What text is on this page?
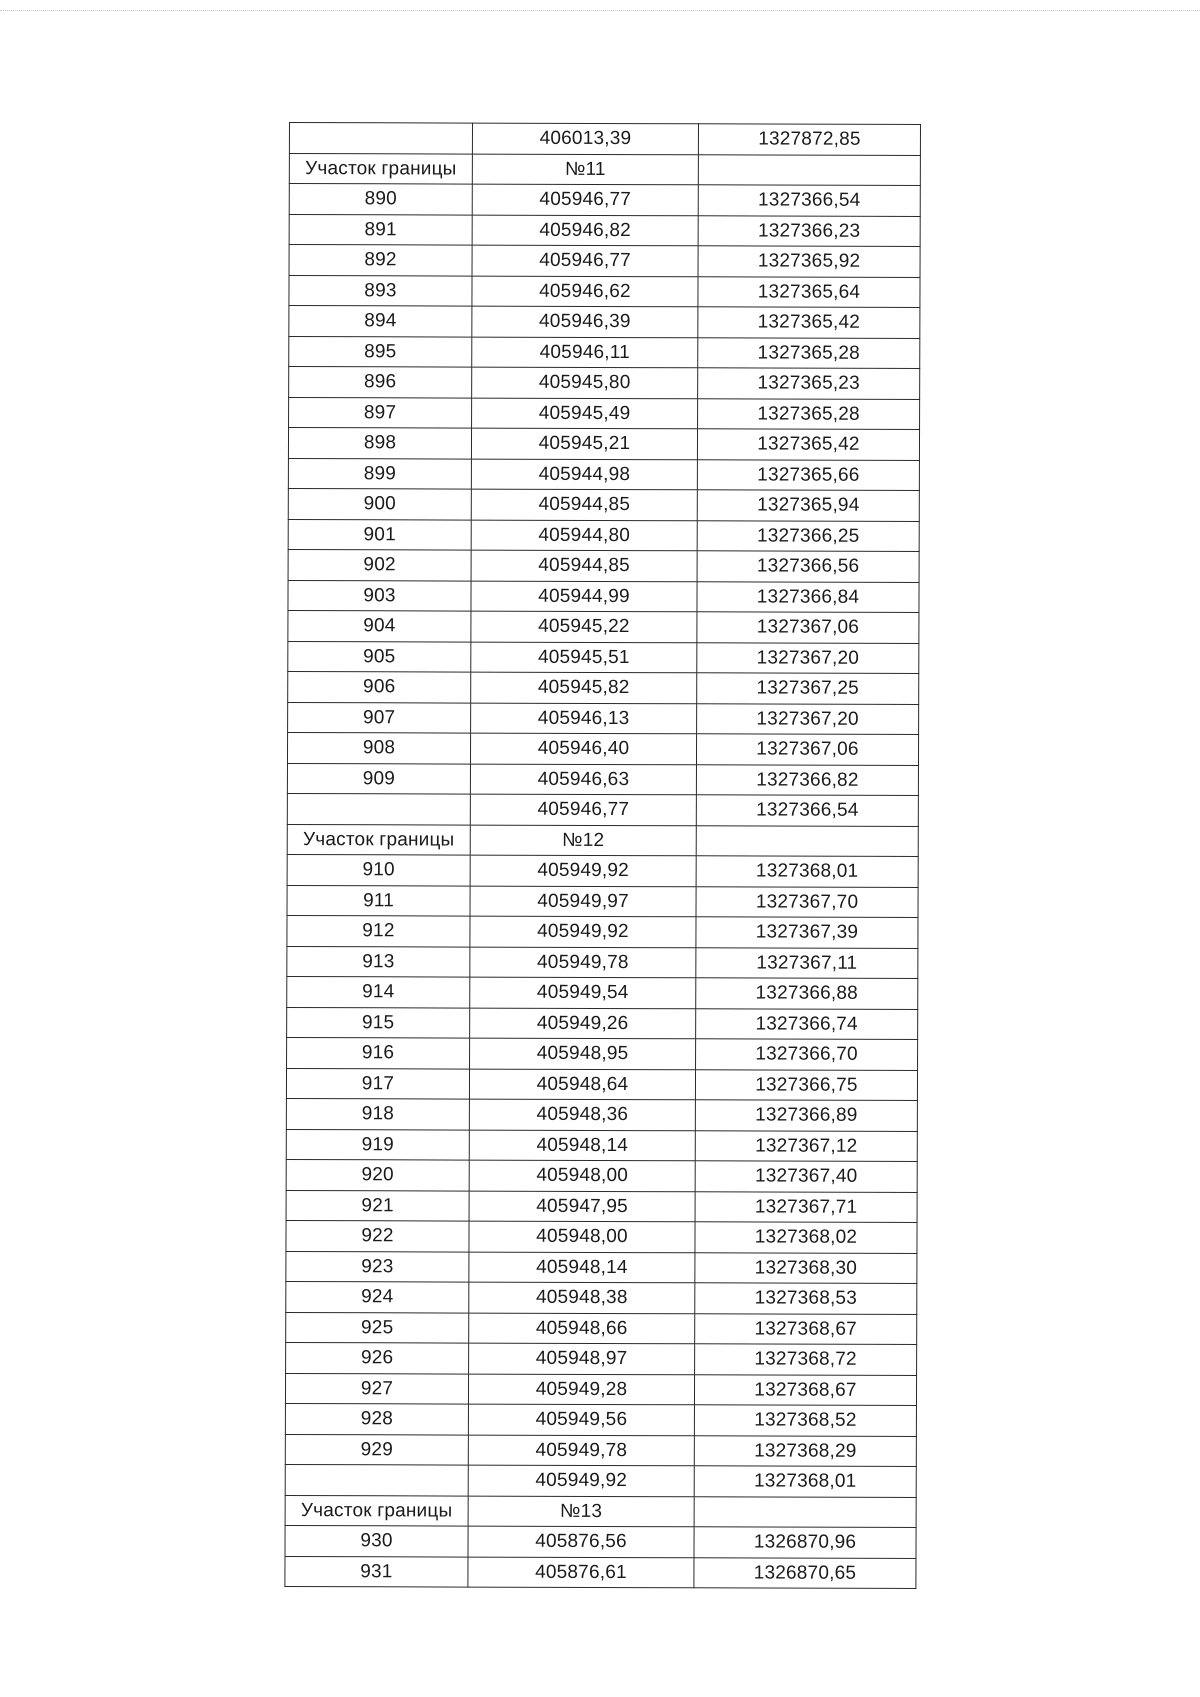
	406013,39	1327872,85
Участок границы	№11	
890	405946,77	1327366,54
891	405946,82	1327366,23
892	405946,77	1327365,92
893	405946,62	1327365,64
894	405946,39	1327365,42
895	405946,11	1327365,28
896	405945,80	1327365,23
897	405945,49	1327365,28
898	405945,21	1327365,42
899	405944,98	1327365,66
900	405944,85	1327365,94
901	405944,80	1327366,25
902	405944,85	1327366,56
903	405944,99	1327366,84
904	405945,22	1327367,06
905	405945,51	1327367,20
906	405945,82	1327367,25
907	405946,13	1327367,20
908	405946,40	1327367,06
909	405946,63	1327366,82
	405946,77	1327366,54
Участок границы	№12	
910	405949,92	1327368,01
911	405949,97	1327367,70
912	405949,92	1327367,39
913	405949,78	1327367,11
914	405949,54	1327366,88
915	405949,26	1327366,74
916	405948,95	1327366,70
917	405948,64	1327366,75
918	405948,36	1327366,89
919	405948,14	1327367,12
920	405948,00	1327367,40
921	405947,95	1327367,71
922	405948,00	1327368,02
923	405948,14	1327368,30
924	405948,38	1327368,53
925	405948,66	1327368,67
926	405948,97	1327368,72
927	405949,28	1327368,67
928	405949,56	1327368,52
929	405949,78	1327368,29
	405949,92	1327368,01
Участок границы	№13	
930	405876,56	1326870,96
931	405876,61	1326870,65
